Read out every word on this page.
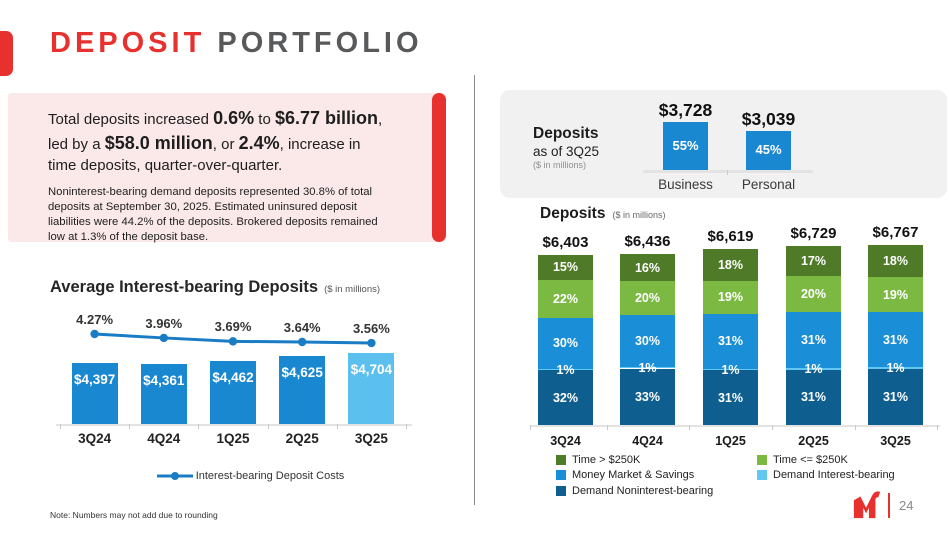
DEPOSIT PORTFOLIO
Total deposits increased 0.6% to $6.77 billion, led by a $58.0 million, or 2.4%, increase in time deposits, quarter-over-quarter.
Noninterest-bearing demand deposits represented 30.8% of total deposits at September 30, 2025. Estimated uninsured deposit liabilities were 44.2% of the deposits. Brokered deposits remained low at 1.3% of the deposit base.
Average Interest-bearing Deposits ($ in millions)
$4,397
3Q24
$4,361
4Q24
$4,462
1Q25
$4,625
2Q25
$4,704
3Q25
4.27%	3.96%	3.69%	3.64%	3.56%
Interest-bearing Deposit Costs
Note: Numbers may not add due to rounding
Deposits
as of 3Q25
($ in millions)
$3,728
55%
Business
$3,039
45%
Personal
Deposits ($ in millions)
$6,403
15%
22%
30%
1%
32%
3Q24
$6,436
16%
20%
30%
1%
33%
4Q24
$6,619
18%
19%
31%
1%
31%
1Q25
$6,729
17%
20%
31%
1%
31%
2Q25
$6,767
18%
19%
31%
1%
31%
3Q25
Time > $250K
Money Market & Savings
Demand Noninterest-bearing
Time <= $250K
Demand Interest-bearing
24
